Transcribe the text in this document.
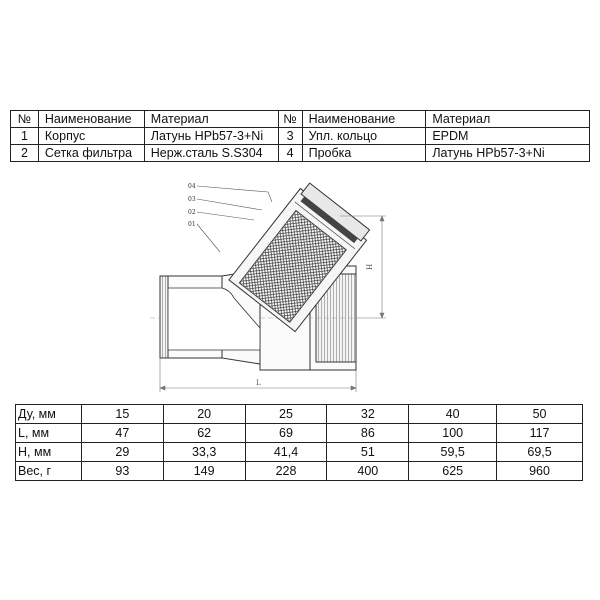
№	Наименование	Материал	№	Наименование	Материал
1	Корпус	Латунь HPb57-3+Ni	3	Упл. кольцо	EPDM
2	Сетка фильтра	Нерж.сталь S.S304	4	Пробка	Латунь HPb57-3+Ni
04
03
02
01
H
L
Ду, мм	15	20	25	32	40	50
L, мм	47	62	69	86	100	117
H, мм	29	33,3	41,4	51	59,5	69,5
Вес, г	93	149	228	400	625	960
